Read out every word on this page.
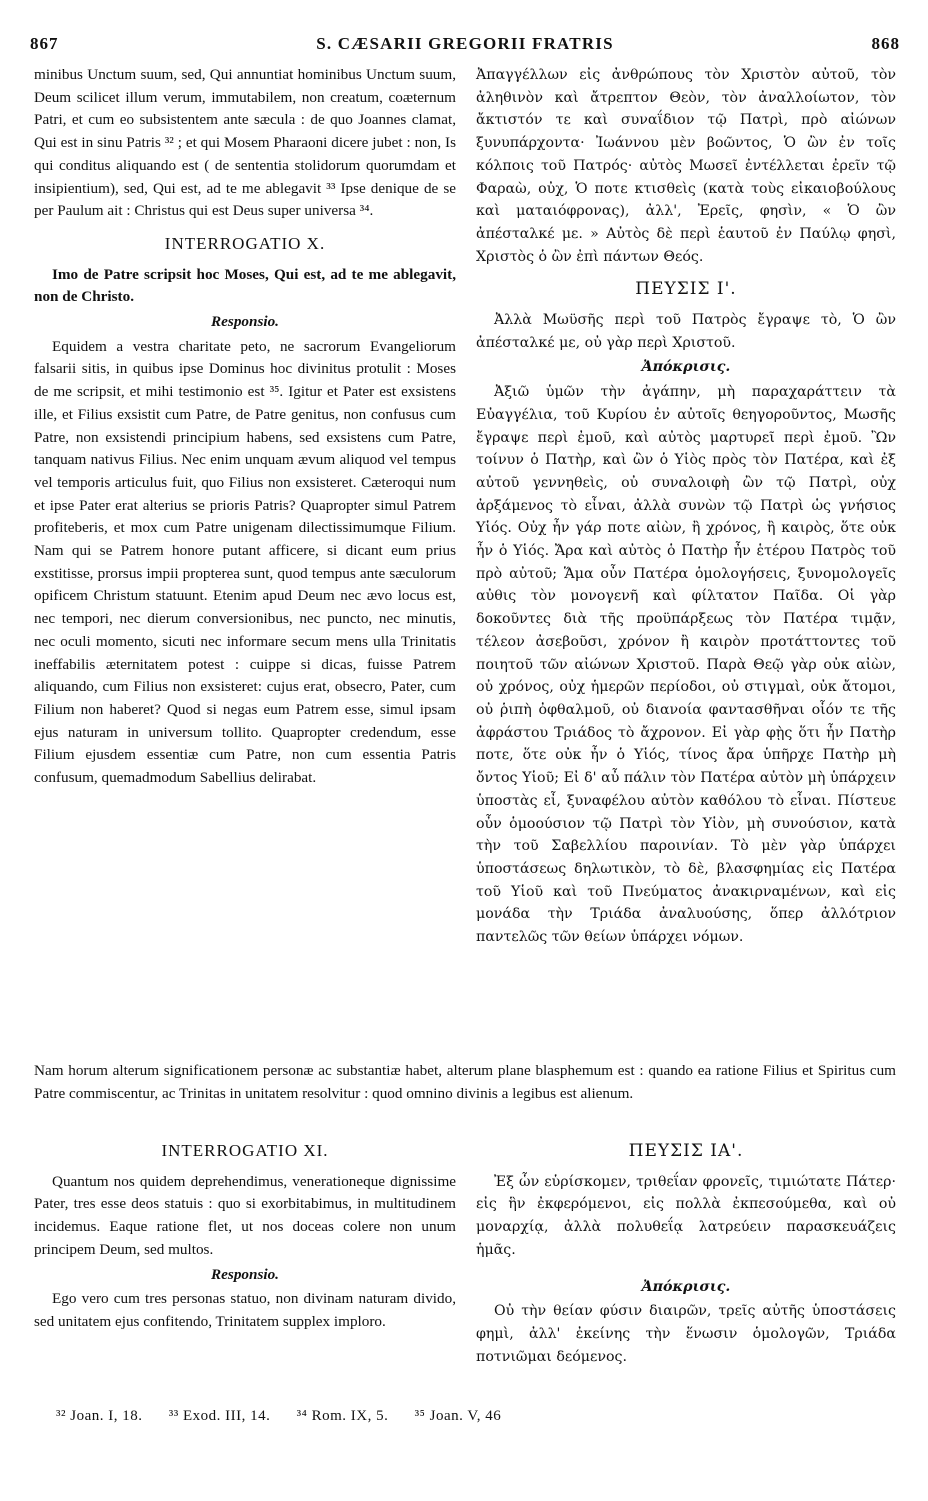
867	S. CÆSARII GREGORII FRATRIS	868

minibus Unctum suum, sed, Qui annuntiat hominibus Unctum suum, Deum scilicet illum verum, immutabilem, non creatum, coæternum Patri, et cum eo subsistentem ante sæcula : de quo Joannes clamat, Qui est in sinu Patris ³² ; et qui Mosem Pharaoni dicere jubet : non, Is qui conditus aliquando est ( de sententia stolidorum quorumdam et insipientium), sed, Qui est, ad te me ablegavit ³³ Ipse denique de se per Paulum ait : Christus qui est Deus super universa ³⁴.

INTERROGATIO X.

Imo de Patre scripsit hoc Moses, Qui est, ad te me ablegavit, non de Christo.

Responsio.

Equidem a vestra charitate peto, ne sacrorum Evangeliorum falsarii sitis, in quibus ipse Dominus hoc divinitus protulit : Moses de me scripsit, et mihi testimonio est ³⁵. Igitur et Pater est exsistens ille, et Filius exsistit cum Patre, de Patre genitus, non confusus cum Patre, non exsistendi principium habens, sed exsistens cum Patre, tanquam nativus Filius. Nec enim unquam ævum aliquod vel tempus vel temporis articulus fuit, quo Filius non exsisteret. Cæteroqui num et ipse Pater erat alterius se prioris Patris? Quapropter simul Patrem profiteberis, et mox cum Patre unigenam dilectissimumque Filium. Nam qui se Patrem honore putant afficere, si dicant eum prius exstitisse, prorsus impii propterea sunt, quod tempus ante sæculorum opificem Christum statuunt. Etenim apud Deum nec ævo locus est, nec tempori, nec dierum conversionibus, nec puncto, nec minutis, nec oculi momento, sicuti nec informare secum mens ulla Trinitatis ineffabilis æternitatem potest : cuippe si dicas, fuisse Patrem aliquando, cum Filius non exsisteret: cujus erat, obsecro, Pater, cum Filium non haberet? Quod si negas eum Patrem esse, simul ipsam ejus naturam in universum tollito. Quapropter credendum, esse Filium ejusdem essentiæ cum Patre, non cum essentia Patris confusum, quemadmodum Sabellius delirabat.

Ἀπαγγέλλων εἰς ἀνθρώπους τὸν Χριστὸν αὐτοῦ, τὸν ἀληθινὸν καὶ ἄτρεπτον Θεὸν, τὸν ἀναλλοίωτον, τὸν ἄκτιστόν τε καὶ συναΐδιον τῷ Πατρὶ, πρὸ αἰώνων ξυνυπάρχοντα· Ἰωάννου μὲν βοῶντος, Ὁ ὢν ἐν τοῖς κόλποις τοῦ Πατρός· αὐτὸς Μωσεῖ ἐντέλλεται ἐρεῖν τῷ Φαραὼ, οὐχ, Ὁ ποτε κτισθεὶς (κατὰ τοὺς εἰκαιοβούλους καὶ ματαιόφρονας), ἀλλ', Ἐρεῖς, φησὶν, « Ὁ ὢν ἀπέσταλκέ με. » Αὐτὸς δὲ περὶ ἑαυτοῦ ἐν Παύλῳ φησὶ, Χριστὸς ὁ ὢν ἐπὶ πάντων Θεός.

ΠΕΥΣΙΣ Ι'.

Ἀλλὰ Μωϋσῆς περὶ τοῦ Πατρὸς ἔγραψε τὸ, Ὁ ὢν ἀπέσταλκέ με, οὐ γὰρ περὶ Χριστοῦ.

Ἀπόκρισις.

Ἀξιῶ ὑμῶν τὴν ἀγάπην, μὴ παραχαράττειν τὰ Εὐαγγέλια, τοῦ Κυρίου ἐν αὐτοῖς θεηγοροῦντος, Μωσῆς ἔγραψε περὶ ἐμοῦ, καὶ αὐτὸς μαρτυρεῖ περὶ ἐμοῦ. Ὢν τοίνυν ὁ Πατὴρ, καὶ ὢν ὁ Υἱὸς πρὸς τὸν Πατέρα, καὶ ἐξ αὐτοῦ γεννηθεὶς, οὐ συναλοιφὴ ὢν τῷ Πατρὶ, οὐχ ἀρξάμενος τὸ εἶναι, ἀλλὰ συνὼν τῷ Πατρὶ ὡς γνήσιος Υἱός. Οὐχ ἦν γάρ ποτε αἰὼν, ἢ χρόνος, ἢ καιρὸς, ὅτε οὐκ ἦν ὁ Υἱός. Ἄρα καὶ αὐτὸς ὁ Πατὴρ ἦν ἑτέρου Πατρὸς τοῦ πρὸ αὐτοῦ; Ἅμα οὖν Πατέρα ὁμολογήσεις, ξυνομολογεῖς αὐθις τὸν μονογενῆ καὶ φίλτατον Παῖδα. Οἱ γὰρ δοκοῦντες διὰ τῆς προϋπάρξεως τὸν Πατέρα τιμᾷν, τέλεον ἀσεβοῦσι, χρόνον ἢ καιρὸν προτάττοντες τοῦ ποιητοῦ τῶν αἰώνων Χριστοῦ. Παρὰ Θεῷ γὰρ οὐκ αἰὼν, οὐ χρόνος, οὐχ ἡμερῶν περίοδοι, οὐ στιγμαὶ, οὐκ ἄτομοι, οὐ ῥιπὴ ὀφθαλμοῦ, οὐ διανοία φαντασθῆναι οἷόν τε τῆς ἀφράστου Τριάδος τὸ ἄχρονον. Εἰ γὰρ φῂς ὅτι ἦν Πατὴρ ποτε, ὅτε οὐκ ἦν ὁ Υἱός, τίνος ἄρα ὑπῆρχε Πατὴρ μὴ ὄντος Υἱοῦ; Εἰ δ' αὖ πάλιν τὸν Πατέρα αὐτὸν μὴ ὑπάρχειν ὑποστὰς εἶ, ξυναφέλου αὐτὸν καθόλου τὸ εἶναι. Πίστευε οὖν ὁμοούσιον τῷ Πατρὶ τὸν Υἱὸν, μὴ συνούσιον, κατὰ τὴν τοῦ Σαβελλίου παροινίαν. Τὸ μὲν γὰρ ὑπάρχει ὑποστάσεως δηλωτικὸν, τὸ δὲ, βλασφημίας εἰς Πατέρα τοῦ Υἱοῦ καὶ τοῦ Πνεύματος ἀνακιρναμένων, καὶ εἰς μονάδα τὴν Τριάδα ἀναλυούσης, ὅπερ ἀλλότριον παντελῶς τῶν θείων ὑπάρχει νόμων.

Nam horum alterum significationem personæ ac substantiæ habet, alterum plane blasphemum est : quando ea ratione Filius et Spiritus cum Patre commiscentur, ac Trinitas in unitatem resolvitur : quod omnino divinis a legibus est alienum.

INTERROGATIO XI.

Quantum nos quidem deprehendimus, venerationeque dignissime Pater, tres esse deos statuis : quo si exorbitabimus, in multitudinem incidemus. Eaque ratione flet, ut nos doceas colere non unum principem Deum, sed multos.

Responsio.

Ego vero cum tres personas statuo, non divinam naturam divido, sed unitatem ejus confitendo, Trinitatem supplex imploro.

ΠΕΥΣΙΣ ΙΑ'.

Ἐξ ὧν εὑρίσκομεν, τριθεΐαν φρονεῖς, τιμιώτατε Πάτερ· εἰς ἣν ἐκφερόμενοι, εἰς πολλὰ ἐκπεσούμεθα, καὶ οὐ μοναρχίᾳ, ἀλλὰ πολυθεΐᾳ λατρεύειν παρασκευάζεις ἡμᾶς.

Ἀπόκρισις.

Οὐ τὴν θείαν φύσιν διαιρῶν, τρεῖς αὐτῆς ὑποστάσεις φημὶ, ἀλλ' ἐκείνης τὴν ἕνωσιν ὁμολογῶν, Τριάδα ποτνιῶμαι δεόμενος.

³² Joan. I, 18. ³³ Exod. III, 14. ³⁴ Rom. IX, 5. ³⁵ Joan. V, 46
